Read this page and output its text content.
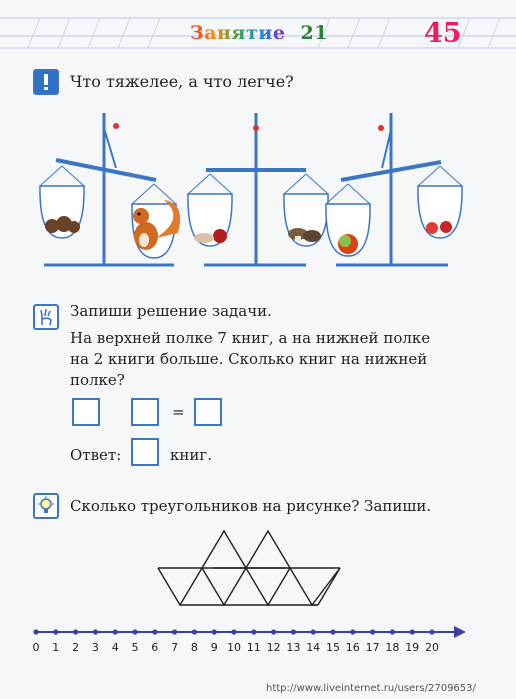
Занятие 21	45
Что тяжелее, а что легче?
Запиши решение задачи.
На верхней полке 7 книг, а на нижней полке
на 2 книги больше. Сколько книг на нижней
полке?
=
Ответ:	книг.
Сколько треугольников на рисунке? Запиши.
0 1 2 3 4 5 6 7 8 9 10 11 12 13 14 15 16 17 18 19 20
http://www.liveinternet.ru/users/2709653/
